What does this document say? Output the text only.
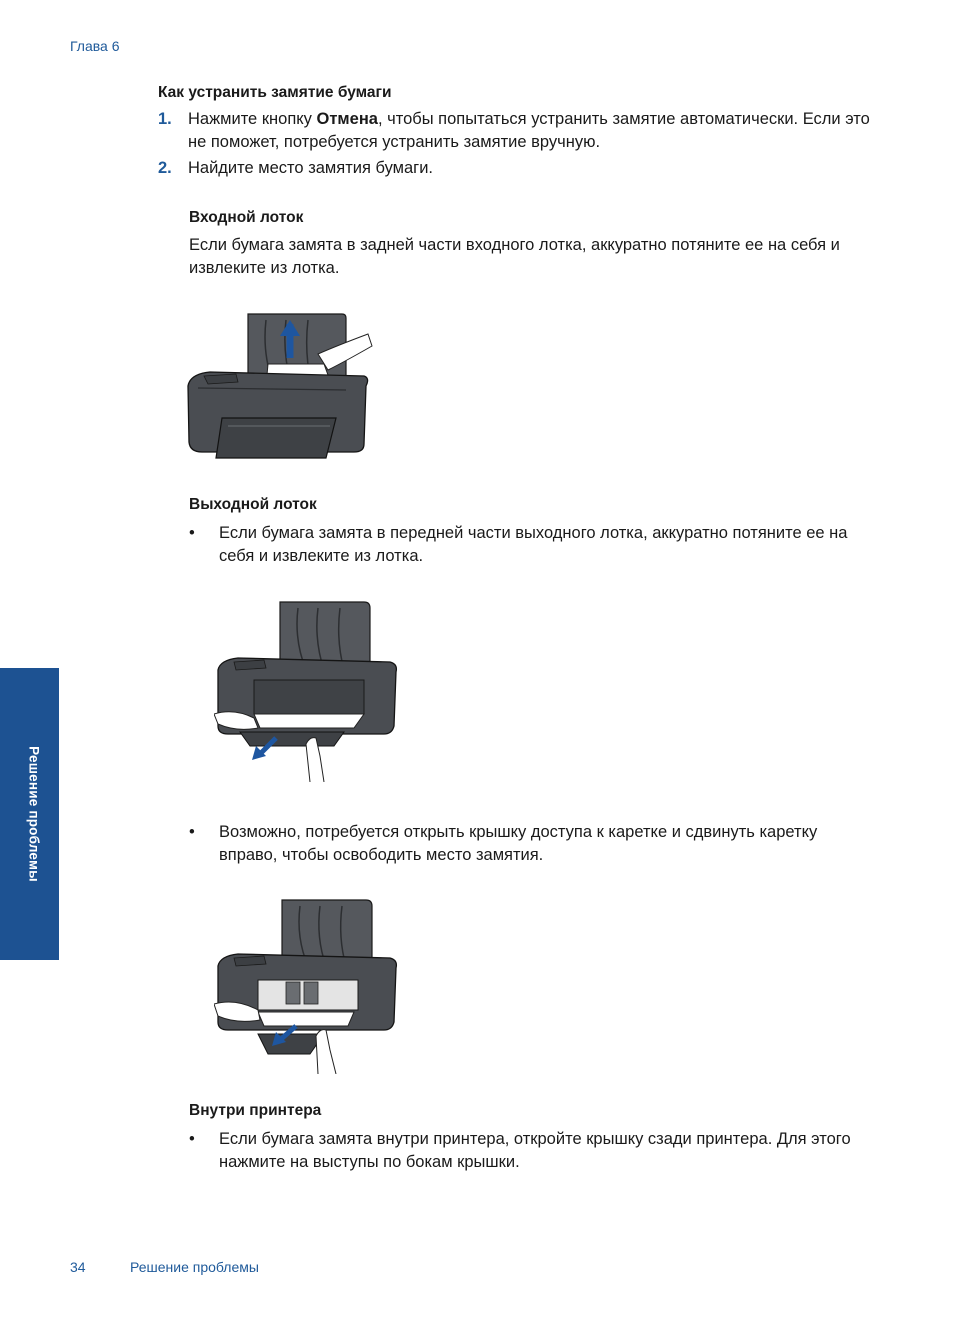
Глава 6
Как устранить замятие бумаги
1. Нажмите кнопку Отмена, чтобы попытаться устранить замятие автоматически. Если это не поможет, потребуется устранить замятие вручную.
2. Найдите место замятия бумаги.
Входной лоток
Если бумага замята в задней части входного лотка, аккуратно потяните ее на себя и извлеките из лотка.
Выходной лоток
• Если бумага замята в передней части выходного лотка, аккуратно потяните ее на себя и извлеките из лотка.
• Возможно, потребуется открыть крышку доступа к каретке и сдвинуть каретку вправо, чтобы освободить место замятия.
Внутри принтера
• Если бумага замята внутри принтера, откройте крышку сзади принтера. Для этого нажмите на выступы по бокам крышки.
Решение проблемы
34	Решение проблемы
